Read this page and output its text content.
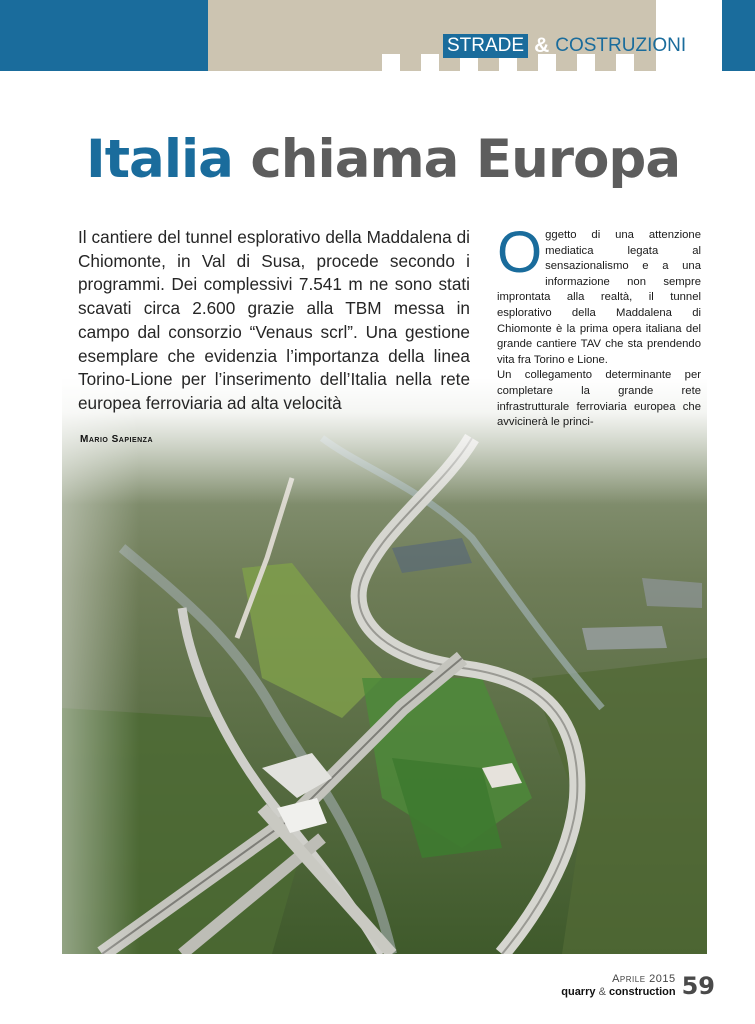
STRADE & COSTRUZIONI
Italia chiama Europa

Il cantiere del tunnel esplorativo della Maddalena di Chiomonte, in Val di Susa, procede secondo i programmi. Dei complessivi 7.541 m ne sono stati scavati circa 2.600 grazie alla TBM messa in campo dal consorzio “Venaus scrl”. Una gestione esemplare che evidenzia l’importanza della linea Torino-Lione per l’inserimento dell’Italia nella rete europea ferroviaria ad alta velocità

Mario Sapienza

Oggetto di una attenzione mediatica legata al sensazionalismo e a una informazione non sempre improntata alla realtà, il tunnel esplorativo della Maddalena di Chiomonte è la prima opera italiana del grande cantiere TAV che sta prendendo vita fra Torino e Lione.

Un collegamento determinante per completare la grande rete infrastrutturale ferroviaria europea che avvicinerà le princi-

Aprile 2015
quarry & construction 59
